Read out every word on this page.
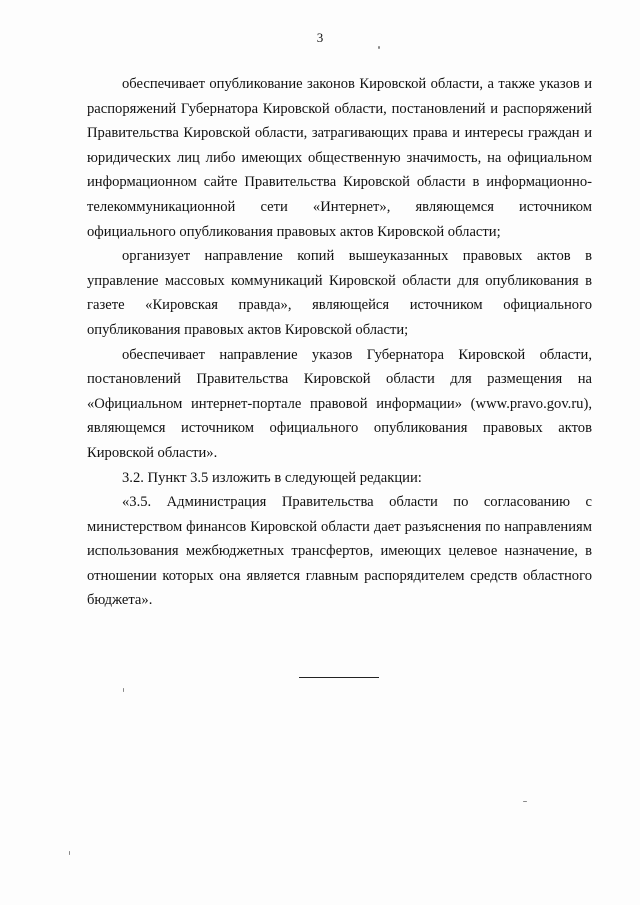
3

обеспечивает опубликование законов Кировской области, а также указов и распоряжений Губернатора Кировской области, постановлений и распоряжений Правительства Кировской области, затрагивающих права и интересы граждан и юридических лиц либо имеющих общественную значимость, на официальном информационном сайте Правительства Кировской области в информационно-телекоммуникационной сети «Интернет», являющемся источником официального опубликования правовых актов Кировской области;

организует направление копий вышеуказанных правовых актов в управление массовых коммуникаций Кировской области для опубликования в газете «Кировская правда», являющейся источником официального опубликования правовых актов Кировской области;

обеспечивает направление указов Губернатора Кировской области, постановлений Правительства Кировской области для размещения на «Официальном интернет-портале правовой информации» (www.pravo.gov.ru), являющемся источником официального опубликования правовых актов Кировской области».

3.2. Пункт 3.5 изложить в следующей редакции:

«3.5. Администрация Правительства области по согласованию с министерством финансов Кировской области дает разъяснения по направлениям использования межбюджетных трансфертов, имеющих целевое назначение, в отношении которых она является главным распорядителем средств областного бюджета».
